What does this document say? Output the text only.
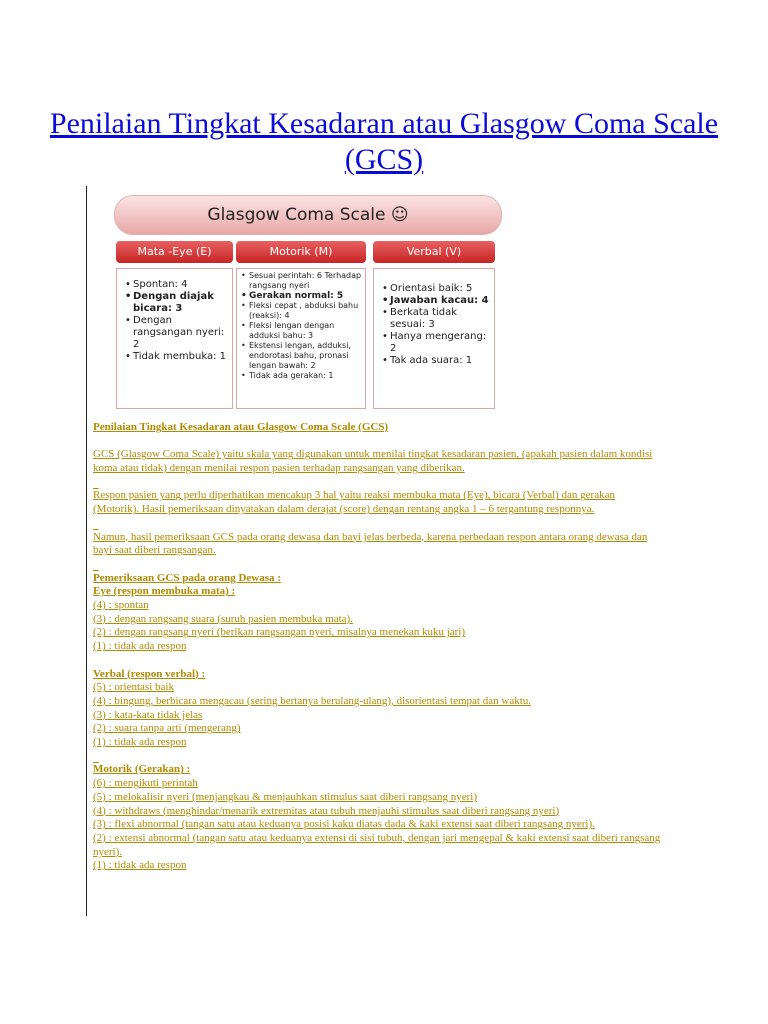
Penilaian Tingkat Kesadaran atau Glasgow Coma Scale (GCS)
Glasgow Coma Scale ☺
Mata -Eye (E)
• Spontan: 4
• Dengan diajak bicara: 3
• Dengan rangsangan nyeri: 2
• Tidak membuka: 1
Motorik (M)
• Sesuai perintah: 6 Terhadap rangsang nyeri
• Gerakan normal: 5
• Fleksi cepat , abduksi bahu (reaksi): 4
• Fleksi lengan dengan adduksi bahu: 3
• Ekstensi lengan, adduksi, endorotasi bahu, pronasi lengan bawah: 2
• Tidak ada gerakan: 1
Verbal (V)
• Orientasi baik: 5
• Jawaban kacau: 4
• Berkata tidak sesuai: 3
• Hanya mengerang: 2
• Tak ada suara: 1

Penilaian Tingkat Kesadaran atau Glasgow Coma Scale (GCS)

GCS (Glasgow Coma Scale) yaitu skala yang digunakan untuk menilai tingkat kesadaran pasien, (apakah pasien dalam kondisi koma atau tidak) dengan menilai respon pasien terhadap rangsangan yang diberikan.

Respon pasien yang perlu diperhatikan mencakup 3 hal yaitu reaksi membuka mata (Eye), bicara (Verbal) dan gerakan (Motorik). Hasil pemeriksaan dinyatakan dalam derajat (score) dengan rentang angka 1 – 6 tergantung responnya.

Namun, hasil pemeriksaan GCS pada orang dewasa dan bayi jelas berbeda, karena perbedaan respon antara orang dewasa dan bayi saat diberi rangsangan.

Pemeriksaan GCS pada orang Dewasa :

Eye (respon membuka mata) :

(4) : spontan

(3) : dengan rangsang suara (suruh pasien membuka mata).

(2) : dengan rangsang nyeri (berikan rangsangan nyeri, misalnya menekan kuku jari)

(1) : tidak ada respon

Verbal (respon verbal) :

(5) : orientasi baik

(4) : bingung, berbicara mengacau (sering bertanya berulang-ulang), disorientasi tempat dan waktu.

(3) : kata-kata tidak jelas

(2) : suara tanpa arti (mengerang)

(1) : tidak ada respon

Motorik (Gerakan) :

(6) : mengikuti perintah

(5) : melokalisir nyeri (menjangkau & menjauhkan stimulus saat diberi rangsang nyeri)

(4) : withdraws (menghindar/menarik extremitas atau tubuh menjauhi stimulus saat diberi rangsang nyeri)

(3) : flexi abnormal (tangan satu atau keduanya posisi kaku diatas dada & kaki extensi saat diberi rangsang nyeri).

(2) : extensi abnormal (tangan satu atau keduanya extensi di sisi tubuh, dengan jari mengepal & kaki extensi saat diberi rangsang nyeri).

(1) : tidak ada respon
